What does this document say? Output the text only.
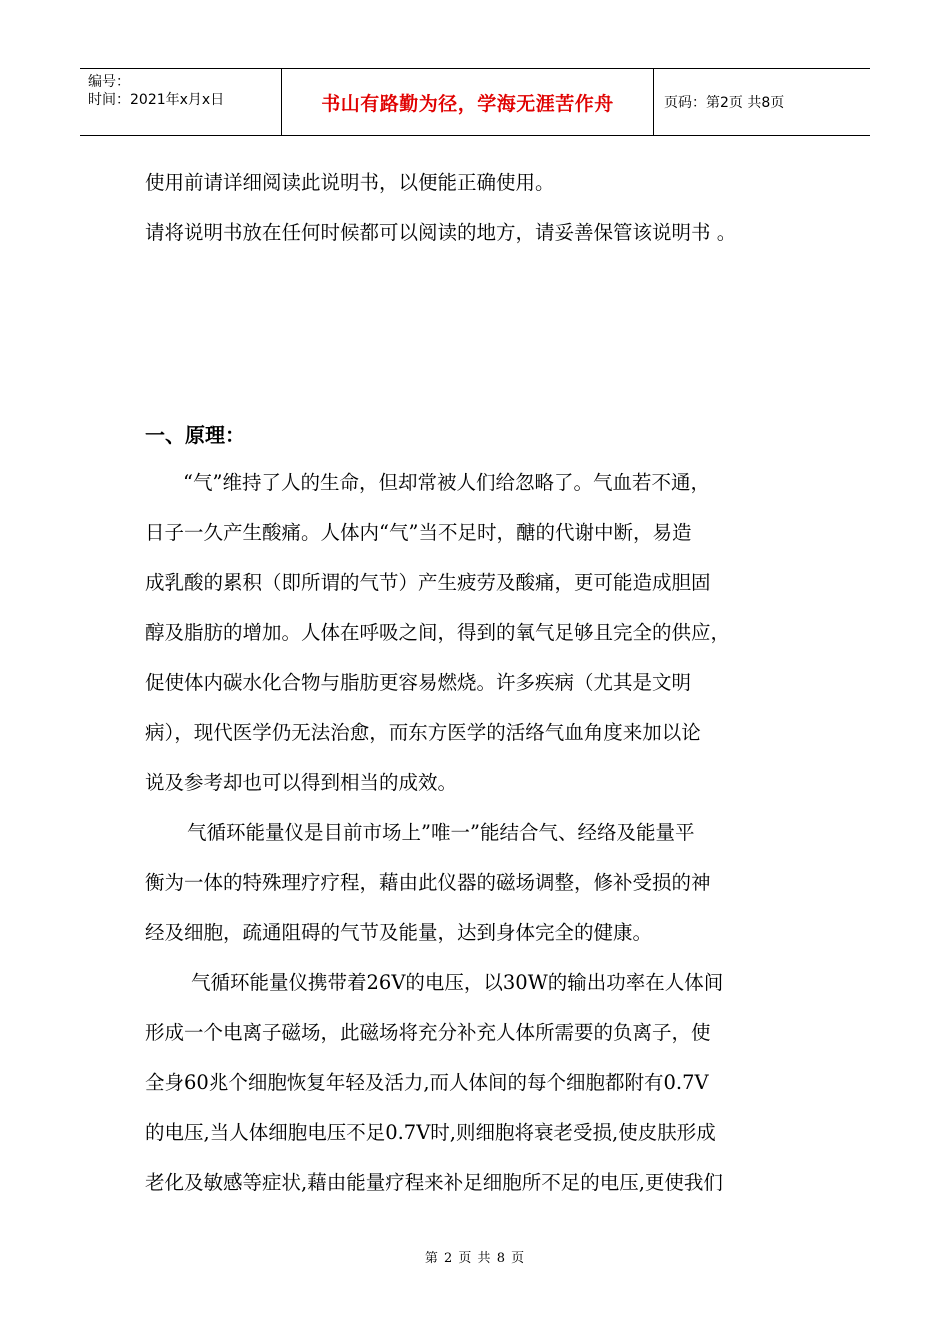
编号：
时间：2021年x月x日	书山有路勤为径，学海无涯苦作舟	页码：第2页 共8页
使用前请详细阅读此说明书，以便能正确使用。
请将说明书放在任何时候都可以阅读的地方，请妥善保管该说明书 。
一、原理：
“气”维持了人的生命，但却常被人们给忽略了。气血若不通，
日子一久产生酸痛。人体内“气”当不足时，醣的代谢中断，易造
成乳酸的累积（即所谓的气节）产生疲劳及酸痛，更可能造成胆固
醇及脂肪的增加。人体在呼吸之间，得到的氧气足够且完全的供应，
促使体内碳水化合物与脂肪更容易燃烧。许多疾病（尤其是文明
病），现代医学仍无法治愈，而东方医学的活络气血角度来加以论
说及参考却也可以得到相当的成效。
气循环能量仪是目前市场上”唯一”能结合气、经络及能量平
衡为一体的特殊理疗疗程，藉由此仪器的磁场调整，修补受损的神
经及细胞，疏通阻碍的气节及能量，达到身体完全的健康。
气循环能量仪携带着26V的电压，以30W的输出功率在人体间
形成一个电离子磁场，此磁场将充分补充人体所需要的负离子，使
全身60兆个细胞恢复年轻及活力,而人体间的每个细胞都附有0.7V
的电压,当人体细胞电压不足0.7V时,则细胞将衰老受损,使皮肤形成
老化及敏感等症状,藉由能量疗程来补足细胞所不足的电压,更使我们
第 2 页 共 8 页
